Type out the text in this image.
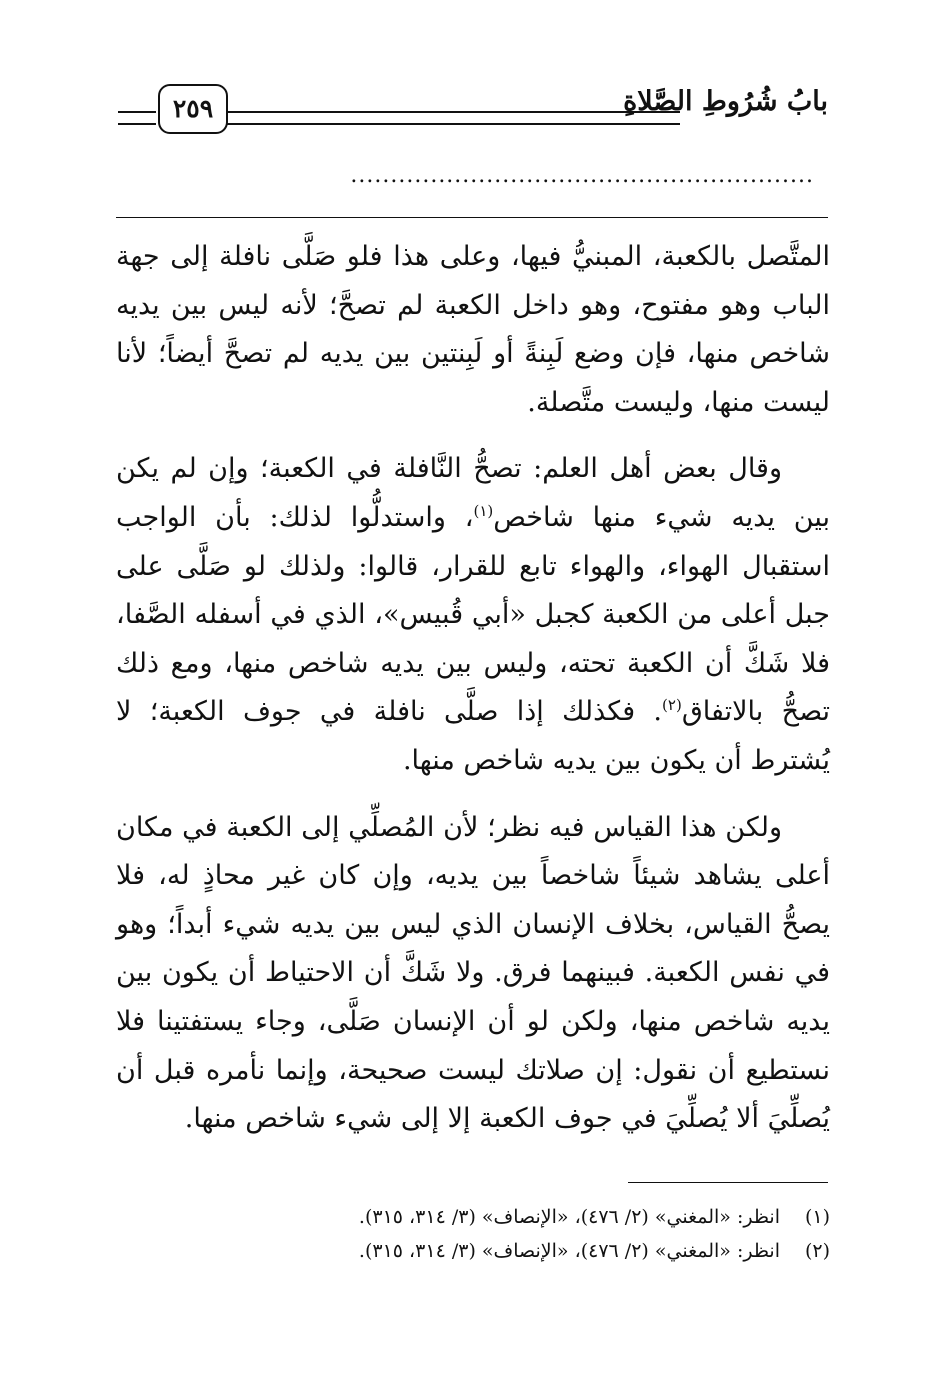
بابُ شُرُوطِ الصَّلاةِ
٢٥٩
..........................................................

المتَّصل بالكعبة، المبنيُّ فيها، وعلى هذا فلو صَلَّى نافلة إلى جهة الباب وهو مفتوح، وهو داخل الكعبة لم تصحَّ؛ لأنه ليس بين يديه شاخص منها، فإن وضع لَبِنةً أو لَبِنتين بين يديه لم تصحَّ أيضاً؛ لأنا ليست منها، وليست متَّصلة.

وقال بعض أهل العلم: تصحُّ النَّافلة في الكعبة؛ وإن لم يكن بين يديه شيء منها شاخص$^{(١)}$، واستدلُّوا لذلك: بأن الواجب استقبال الهواء، والهواء تابع للقرار، قالوا: ولذلك لو صَلَّى على جبل أعلى من الكعبة كجبل «أبي قُبيس»، الذي في أسفله الصَّفا، فلا شَكَّ أن الكعبة تحته، وليس بين يديه شاخص منها، ومع ذلك تصحُّ بالاتفاق$^{(٢)}$. فكذلك إذا صلَّى نافلة في جوف الكعبة؛ لا يُشترط أن يكون بين يديه شاخص منها.

ولكن هذا القياس فيه نظر؛ لأن المُصلِّي إلى الكعبة في مكان أعلى يشاهد شيئاً شاخصاً بين يديه، وإن كان غير محاذٍ له، فلا يصحُّ القياس، بخلاف الإنسان الذي ليس بين يديه شيء أبداً؛ وهو في نفس الكعبة. فبينهما فرق. ولا شَكَّ أن الاحتياط أن يكون بين يديه شاخص منها، ولكن لو أن الإنسان صَلَّى، وجاء يستفتينا فلا نستطيع أن نقول: إن صلاتك ليست صحيحة، وإنما نأمره قبل أن يُصلِّيَ ألا يُصلِّيَ في جوف الكعبة إلا إلى شيء شاخص منها.

(١)
انظر: «المغني» (٢/ ٤٧٦)، «الإنصاف» (٣/ ٣١٤، ٣١٥).
(٢)
انظر: «المغني» (٢/ ٤٧٦)، «الإنصاف» (٣/ ٣١٤، ٣١٥).
